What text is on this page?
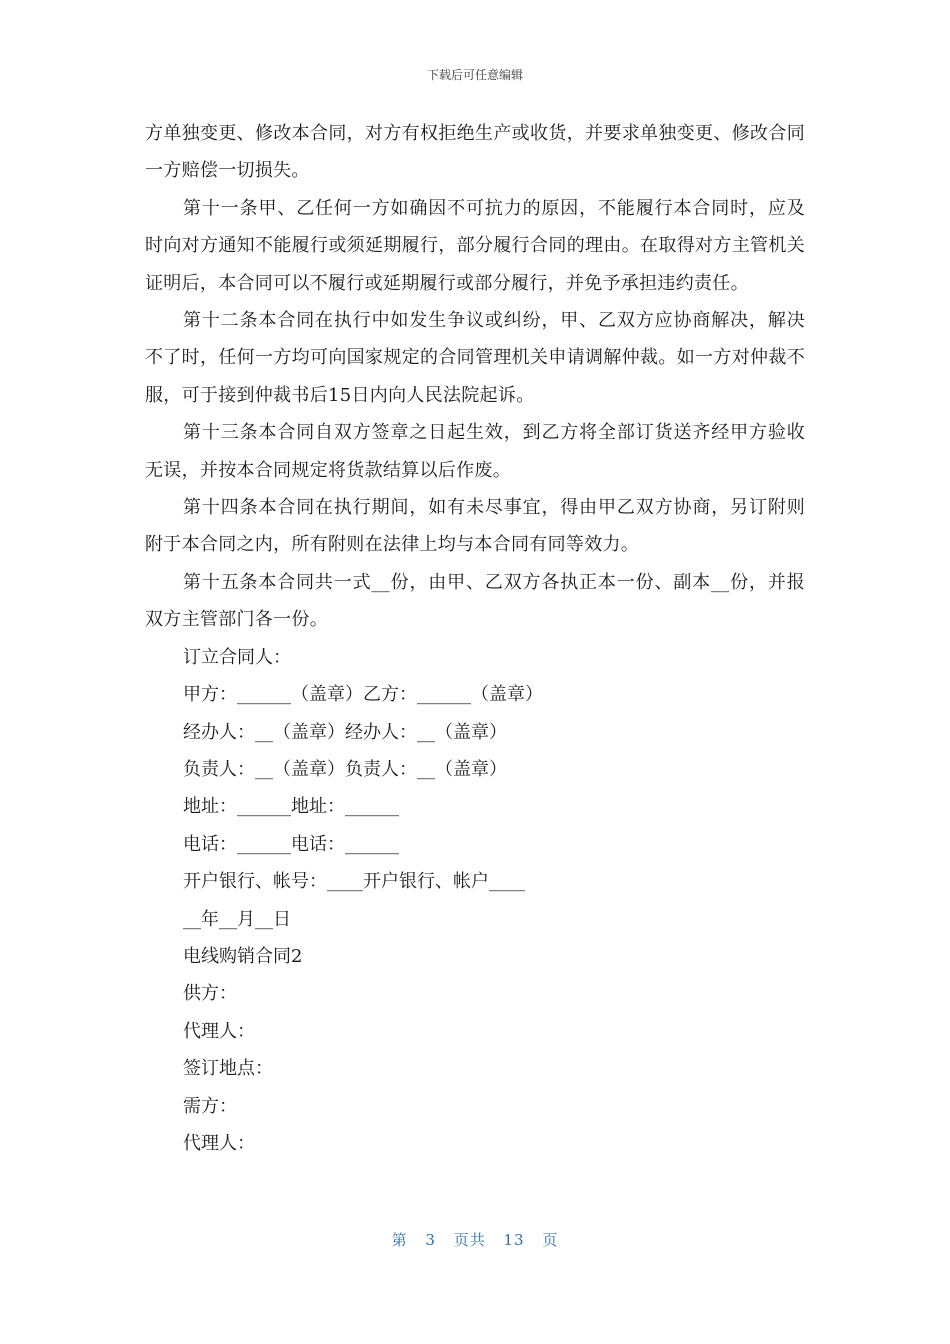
下载后可任意编辑

方单独变更、修改本合同，对方有权拒绝生产或收货，并要求单独变更、修改合同一方赔偿一切损失。

第十一条甲、乙任何一方如确因不可抗力的原因，不能履行本合同时，应及时向对方通知不能履行或须延期履行，部分履行合同的理由。在取得对方主管机关证明后，本合同可以不履行或延期履行或部分履行，并免予承担违约责任。

第十二条本合同在执行中如发生争议或纠纷，甲、乙双方应协商解决，解决不了时，任何一方均可向国家规定的合同管理机关申请调解仲裁。如一方对仲裁不服，可于接到仲裁书后15日内向人民法院起诉。

第十三条本合同自双方签章之日起生效，到乙方将全部订货送齐经甲方验收无误，并按本合同规定将货款结算以后作废。

第十四条本合同在执行期间，如有未尽事宜，得由甲乙双方协商，另订附则附于本合同之内，所有附则在法律上均与本合同有同等效力。

第十五条本合同共一式__份，由甲、乙双方各执正本一份、副本__份，并报双方主管部门各一份。

订立合同人：

甲方：______（盖章）乙方：______（盖章）

经办人：__（盖章）经办人：__（盖章）

负责人：__（盖章）负责人：__（盖章）

地址：______地址：______

电话：______电话：______

开户银行、帐号：____开户银行、帐户____

__年__月__日

电线购销合同2

供方：

代理人：

签订地点：

需方：

代理人：

第 3 页共 13 页
